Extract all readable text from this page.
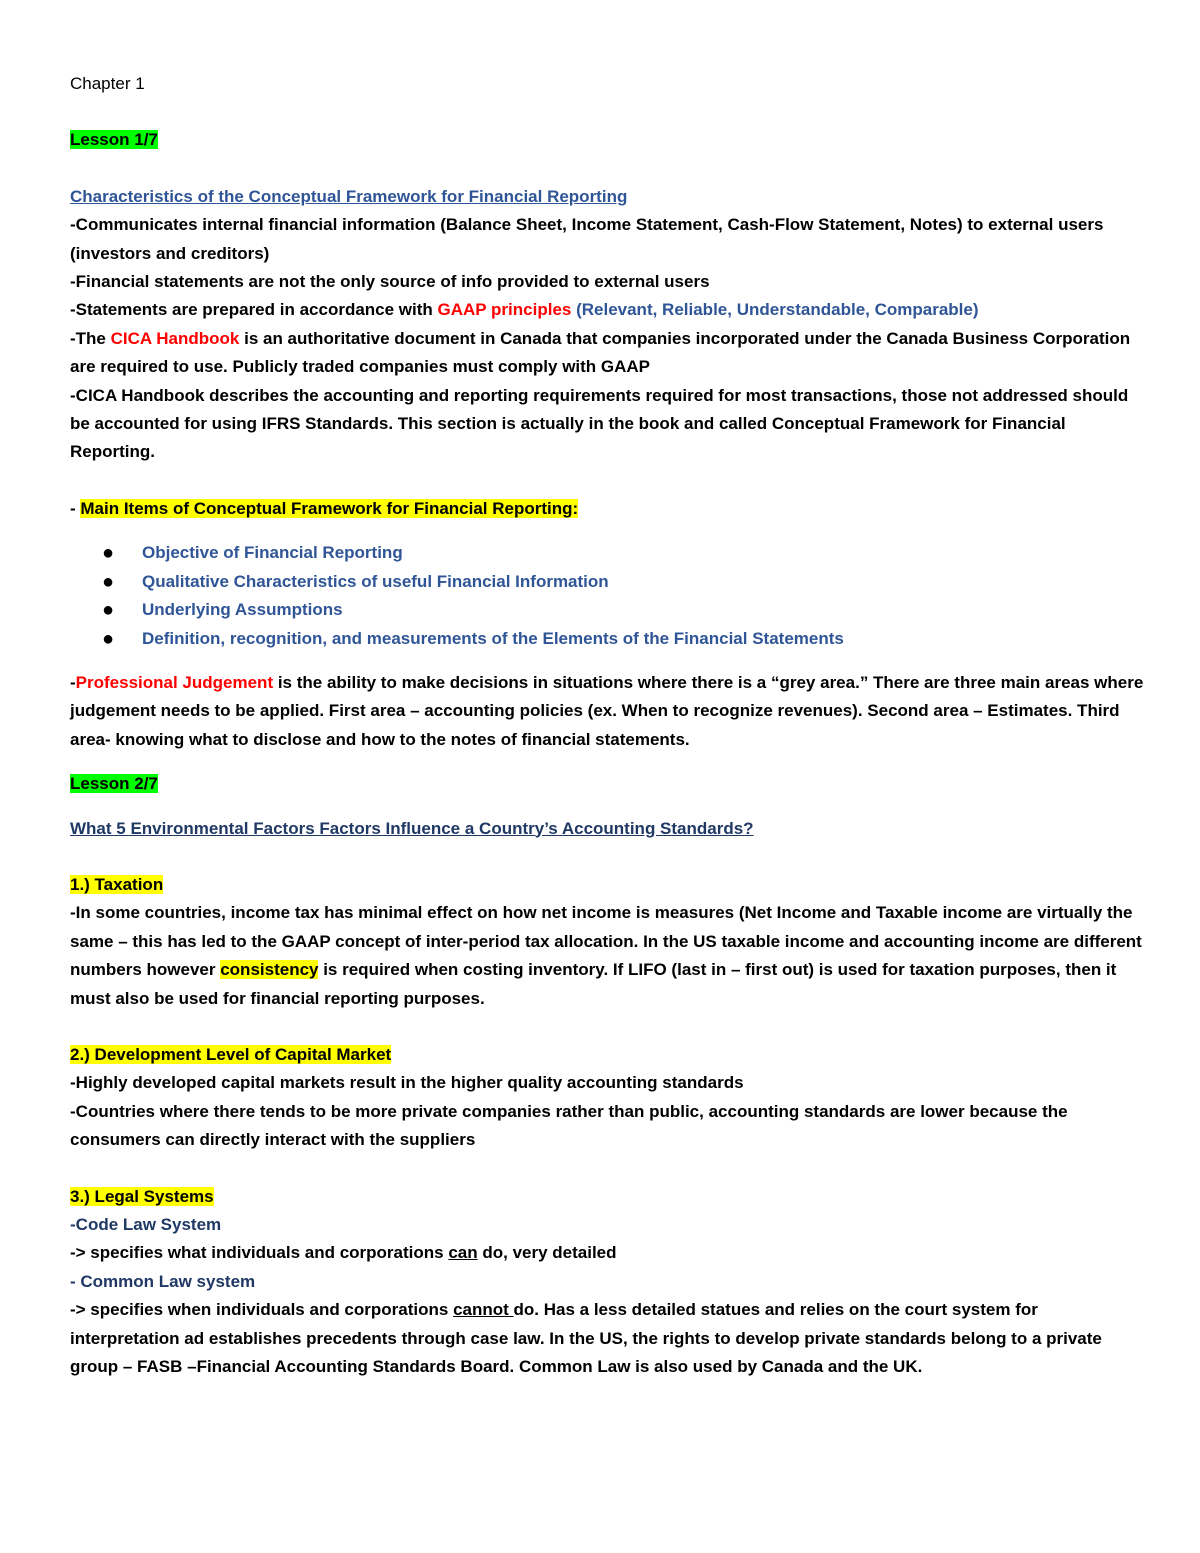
Chapter 1

Lesson 1/7

Characteristics of the Conceptual Framework for Financial Reporting

-Communicates internal financial information (Balance Sheet, Income Statement, Cash-Flow Statement, Notes) to external users (investors and creditors)

-Financial statements are not the only source of info provided to external users

-Statements are prepared in accordance with GAAP principles (Relevant, Reliable, Understandable, Comparable)

-The CICA Handbook is an authoritative document in Canada that companies incorporated under the Canada Business Corporation are required to use. Publicly traded companies must comply with GAAP

-CICA Handbook describes the accounting and reporting requirements required for most transactions, those not addressed should be accounted for using IFRS Standards. This section is actually in the book and called Conceptual Framework for Financial Reporting.

- Main Items of Conceptual Framework for Financial Reporting:

● Objective of Financial Reporting
● Qualitative Characteristics of useful Financial Information
● Underlying Assumptions
● Definition, recognition, and measurements of the Elements of the Financial Statements

-Professional Judgement is the ability to make decisions in situations where there is a “grey area.” There are three main areas where judgement needs to be applied. First area – accounting policies (ex. When to recognize revenues). Second area – Estimates. Third area- knowing what to disclose and how to the notes of financial statements.

Lesson 2/7

What 5 Environmental Factors Factors Influence a Country’s Accounting Standards?

1.) Taxation

-In some countries, income tax has minimal effect on how net income is measures (Net Income and Taxable income are virtually the same – this has led to the GAAP concept of inter-period tax allocation. In the US taxable income and accounting income are different numbers however consistency is required when costing inventory. If LIFO (last in – first out) is used for taxation purposes, then it must also be used for financial reporting purposes.

2.) Development Level of Capital Market

-Highly developed capital markets result in the higher quality accounting standards

-Countries where there tends to be more private companies rather than public, accounting standards are lower because the consumers can directly interact with the suppliers

3.) Legal Systems

-Code Law System

-> specifies what individuals and corporations can do, very detailed

- Common Law system

-> specifies when individuals and corporations cannot do. Has a less detailed statues and relies on the court system for interpretation ad establishes precedents through case law. In the US, the rights to develop private standards belong to a private group – FASB –Financial Accounting Standards Board. Common Law is also used by Canada and the UK.
